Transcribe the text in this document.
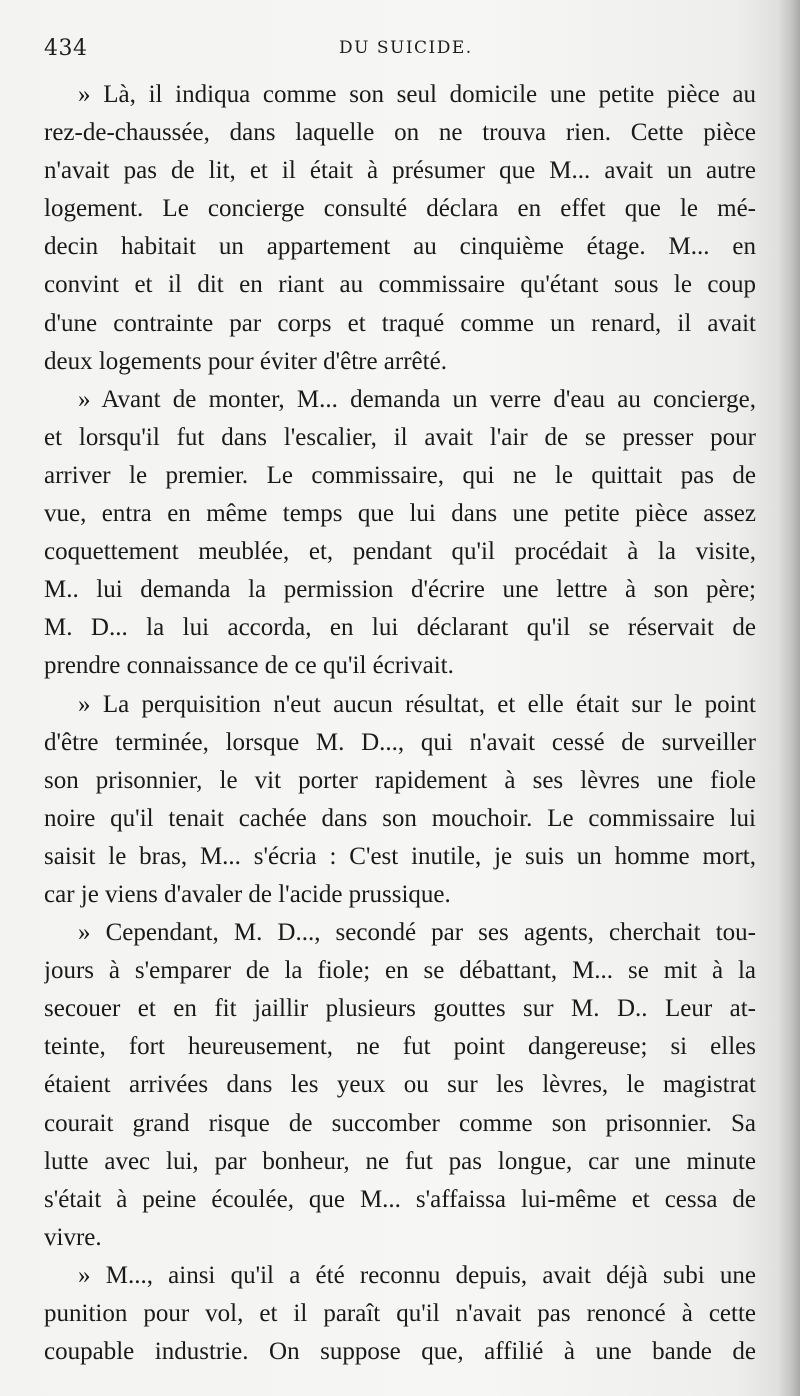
434	DU SUICIDE.
» Là, il indiqua comme son seul domicile une petite pièce au
rez-de-chaussée, dans laquelle on ne trouva rien. Cette pièce
n'avait pas de lit, et il était à présumer que M... avait un autre
logement. Le concierge consulté déclara en effet que le mé-
decin habitait un appartement au cinquième étage. M... en
convint et il dit en riant au commissaire qu'étant sous le coup
d'une contrainte par corps et traqué comme un renard, il avait
deux logements pour éviter d'être arrêté.
» Avant de monter, M... demanda un verre d'eau au concierge,
et lorsqu'il fut dans l'escalier, il avait l'air de se presser pour
arriver le premier. Le commissaire, qui ne le quittait pas de
vue, entra en même temps que lui dans une petite pièce assez
coquettement meublée, et, pendant qu'il procédait à la visite,
M.. lui demanda la permission d'écrire une lettre à son père;
M. D... la lui accorda, en lui déclarant qu'il se réservait de
prendre connaissance de ce qu'il écrivait.
» La perquisition n'eut aucun résultat, et elle était sur le point
d'être terminée, lorsque M. D..., qui n'avait cessé de surveiller
son prisonnier, le vit porter rapidement à ses lèvres une fiole
noire qu'il tenait cachée dans son mouchoir. Le commissaire lui
saisit le bras, M... s'écria : C'est inutile, je suis un homme mort,
car je viens d'avaler de l'acide prussique.
» Cependant, M. D..., secondé par ses agents, cherchait tou-
jours à s'emparer de la fiole; en se débattant, M... se mit à la
secouer et en fit jaillir plusieurs gouttes sur M. D.. Leur at-
teinte, fort heureusement, ne fut point dangereuse; si elles
étaient arrivées dans les yeux ou sur les lèvres, le magistrat
courait grand risque de succomber comme son prisonnier. Sa
lutte avec lui, par bonheur, ne fut pas longue, car une minute
s'était à peine écoulée, que M... s'affaissa lui-même et cessa de
vivre.
» M..., ainsi qu'il a été reconnu depuis, avait déjà subi une
punition pour vol, et il paraît qu'il n'avait pas renoncé à cette
coupable industrie. On suppose que, affilié à une bande de
